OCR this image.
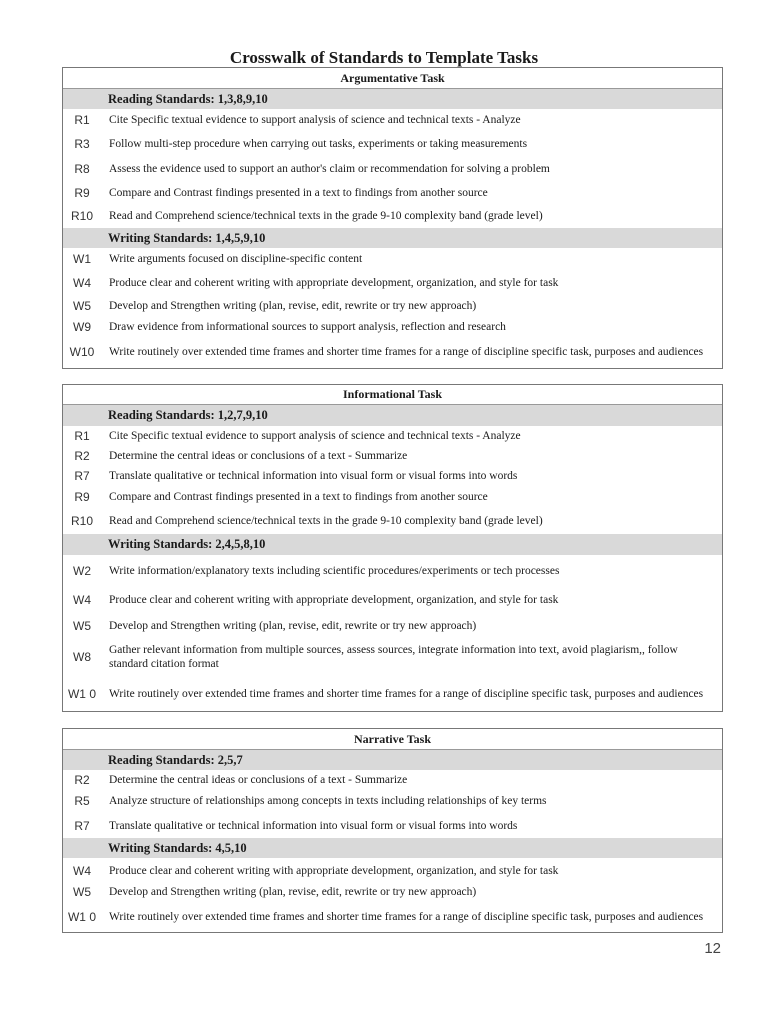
Crosswalk of Standards to Template Tasks
Argumentative Task
Reading Standards: 1,3,8,9,10
R1	Cite Specific textual evidence to support analysis of science and technical texts - Analyze
R3	Follow multi-step procedure when carrying out tasks, experiments or taking measurements
R8	Assess the evidence used to support an author's claim or recommendation for solving a problem
R9	Compare and Contrast findings presented in a text to findings from another source
R10	Read and Comprehend science/technical texts in the grade 9-10 complexity band (grade level)
Writing Standards: 1,4,5,9,10
W1	Write arguments focused on discipline-specific content
W4	Produce clear and coherent writing with appropriate development, organization, and style for task
W5	Develop and Strengthen writing (plan, revise, edit, rewrite or try new approach)
W9	Draw evidence from informational sources to support analysis, reflection and research
W10	Write routinely over extended time frames and shorter time frames for a range of discipline specific task, purposes and audiences
Informational Task
Reading Standards: 1,2,7,9,10
R1	Cite Specific textual evidence to support analysis of science and technical texts - Analyze
R2	Determine the central ideas or conclusions of a text - Summarize
R7	Translate qualitative or technical information into visual form or visual forms into words
R9	Compare and Contrast findings presented in a text to findings from another source
R10	Read and Comprehend science/technical texts in the grade 9-10 complexity band (grade level)
Writing Standards: 2,4,5,8,10
W2	Write information/explanatory texts including scientific procedures/experiments or tech processes
W4	Produce clear and coherent writing with appropriate development, organization, and style for task
W5	Develop and Strengthen writing (plan, revise, edit, rewrite or try new approach)
W8	Gather relevant information from multiple sources, assess sources, integrate information into text, avoid plagiarism,, follow standard citation format
W1 0	Write routinely over extended time frames and shorter time frames for a range of discipline specific task, purposes and audiences
Narrative Task
Reading Standards: 2,5,7
R2	Determine the central ideas or conclusions of a text - Summarize
R5	Analyze structure of relationships among concepts in texts including relationships of key terms
R7	Translate qualitative or technical information into visual form or visual forms into words
Writing Standards: 4,5,10
W4	Produce clear and coherent writing with appropriate development, organization, and style for task
W5	Develop and Strengthen writing (plan, revise, edit, rewrite or try new approach)
W1 0	Write routinely over extended time frames and shorter time frames for a range of discipline specific task, purposes and audiences
12
